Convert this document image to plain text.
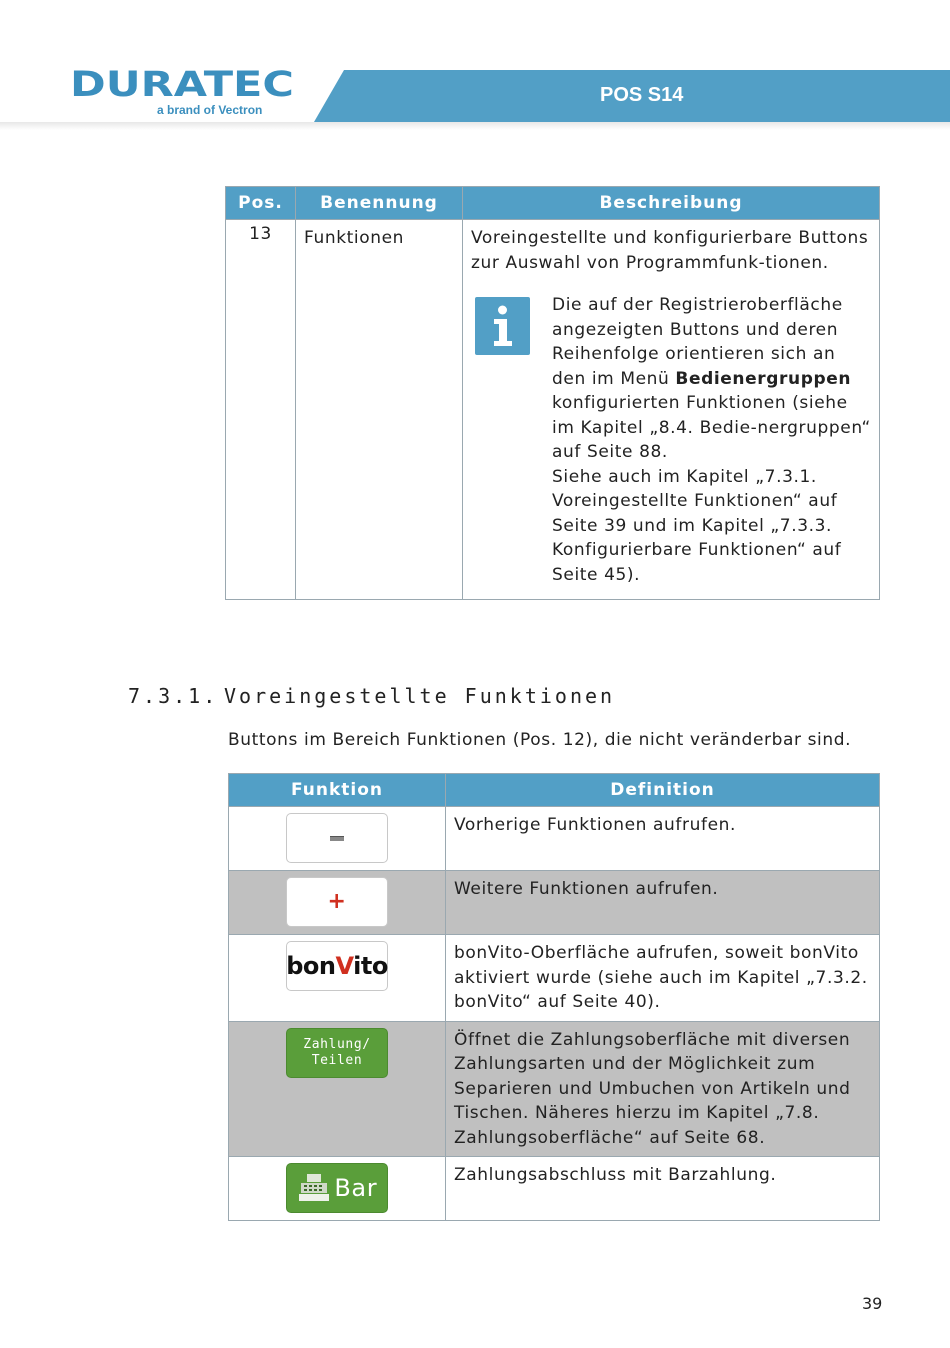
DURATEC
a brand of Vectron
POS S14
Pos.	Benennung	Beschreibung
13	Funktionen	Voreingestellte und konfigurierbare Buttons zur Auswahl von Programmfunk-tionen.
Die auf der Registrieroberfläche angezeigten Buttons und deren Reihenfolge orientieren sich an den im Menü Bedienergruppen konfigurierten Funktionen (siehe im Kapitel „8.4. Bedie-nergruppen“ auf Seite 88.
Siehe auch im Kapitel „7.3.1. Voreingestellte Funktionen“ auf Seite 39 und im Kapitel „7.3.3. Konfigurierbare Funktionen“ auf Seite 45).
7.3.1. Voreingestellte Funktionen
Buttons im Bereich Funktionen (Pos. 12), die nicht veränderbar sind.
Funktion	Definition

	Vorherige Funktionen aufrufen.

+	Weitere Funktionen aufrufen.

bonVito	bonVito-Oberfläche aufrufen, soweit bonVito aktiviert wurde (siehe auch im Kapitel „7.3.2. bonVito“ auf Seite 40).

Zahlung/
Teilen	Öffnet die Zahlungsoberfläche mit diversen Zahlungsarten und der Möglichkeit zum Separieren und Umbuchen von Artikeln und Tischen. Näheres hierzu im Kapitel „7.8. Zahlungsoberfläche“ auf Seite 68.

Bar	Zahlungsabschluss mit Barzahlung.
39
